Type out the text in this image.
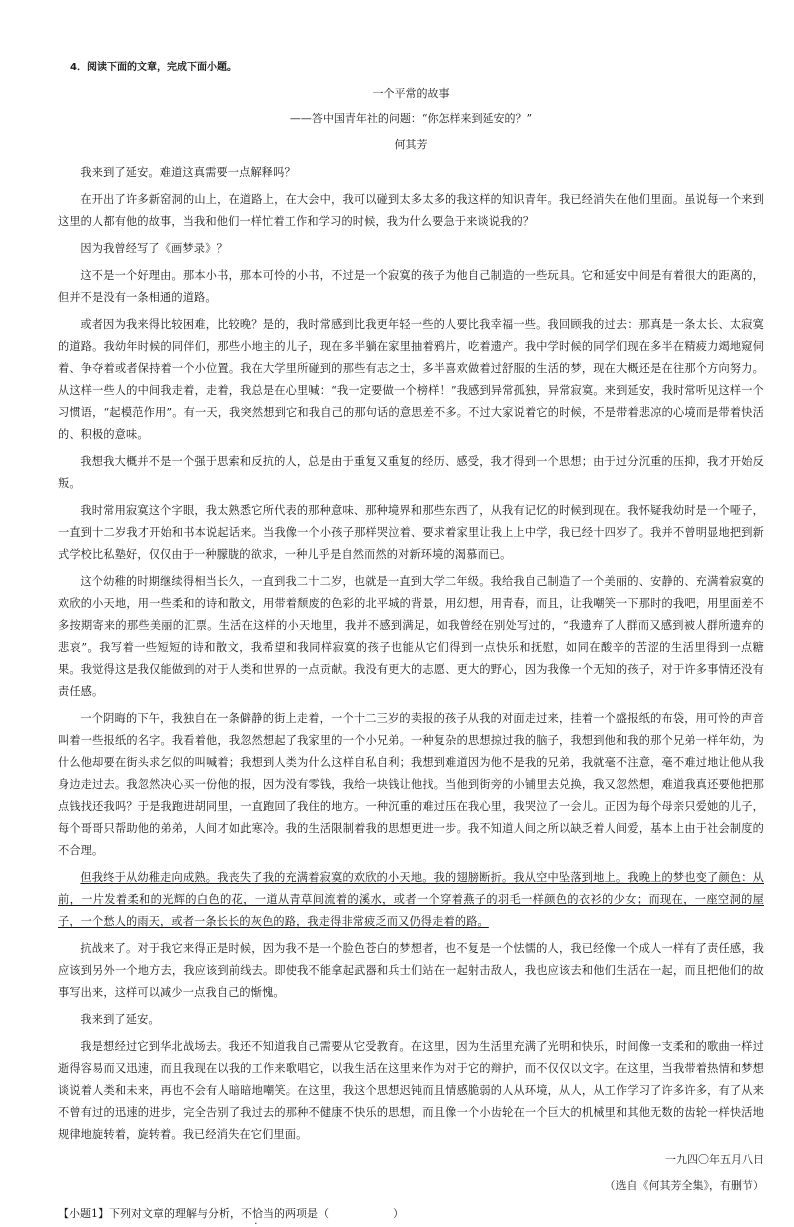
4．阅读下面的文章，完成下面小题。
一个平常的故事
——答中国青年社的问题：“你怎样来到延安的？”
何其芳

我来到了延安。难道这真需要一点解释吗？

在开出了许多新窑洞的山上，在道路上，在大会中，我可以碰到太多太多的我这样的知识青年。我已经消失在他们里面。虽说每一个来到这里的人都有他的故事，当我和他们一样忙着工作和学习的时候，我为什么要急于来谈说我的？

因为我曾经写了《画梦录》？

这不是一个好理由。那本小书，那本可怜的小书，不过是一个寂寞的孩子为他自己制造的一些玩具。它和延安中间是有着很大的距离的，但并不是没有一条相通的道路。

或者因为我来得比较困难，比较晚？是的，我时常感到比我更年轻一些的人要比我幸福一些。我回顾我的过去：那真是一条太长、太寂寞的道路。我幼年时候的同伴们，那些小地主的儿子，现在多半躺在家里抽着鸦片，吃着遗产。我中学时候的同学们现在多半在精疲力竭地窥伺着、争夺着或者保持着一个小位置。我在大学里所碰到的那些有志之士，多半喜欢做着过舒服的生活的梦，现在大概还是在往那个方向努力。从这样一些人的中间我走着，走着，我总是在心里喊：“我一定要做一个榜样！”我感到异常孤独，异常寂寞。来到延安，我时常听见这样一个习惯语，“起模范作用”。有一天，我突然想到它和我自己的那句话的意思差不多。不过大家说着它的时候，不是带着悲凉的心境而是带着快活的、积极的意味。

我想我大概并不是一个强于思索和反抗的人，总是由于重复又重复的经历、感受，我才得到一个思想；由于过分沉重的压抑，我才开始反叛。

我时常用寂寞这个字眼，我太熟悉它所代表的那种意味、那种境界和那些东西了，从我有记忆的时候到现在。我怀疑我幼时是一个哑子，一直到十二岁我才开始和书本说起话来。当我像一个小孩子那样哭泣着、要求着家里让我上上中学，我已经十四岁了。我并不曾明显地把到新式学校比私塾好，仅仅由于一种朦胧的欲求，一种儿乎是自然而然的对新环境的渴慕而已。

这个幼稚的时期继续得相当长久，一直到我二十二岁，也就是一直到大学二年级。我给我自己制造了一个美丽的、安静的、充满着寂寞的欢欣的小天地，用一些柔和的诗和散文，用带着颓废的色彩的北平城的背景，用幻想，用青春，而且，让我嘲笑一下那时的我吧，用里面差不多按期寄来的那些美丽的汇票。生活在这样的小天地里，我并不感到满足，如我曾经在别处写过的，“我遗弃了人群而又感到被人群所遗弃的悲哀”。我写着一些短短的诗和散文，我希望和我同样寂寞的孩子也能从它们得到一点快乐和抚慰，如同在酸辛的苦涩的生活里得到一点糖果。我觉得这是我仅能做到的对于人类和世界的一点贡献。我没有更大的志愿、更大的野心，因为我像一个无知的孩子，对于许多事情还没有责任感。

一个阴晦的下午，我独自在一条僻静的街上走着，一个十二三岁的卖报的孩子从我的对面走过来，挂着一个盛报纸的布袋，用可怜的声音叫着一些报纸的名字。我看着他，我忽然想起了我家里的一个小兄弟。一种复杂的思想掠过我的脑子，我想到他和我的那个兄弟一样年幼，为什么他却要在街头求乞似的叫喊着；我想到人类为什么这样自私自利；我想到难道因为他不是我的兄弟，我就毫不注意，毫不难过地让他从我身边走过去。我忽然决心买一份他的报，因为没有零钱，我给一块钱让他找。当他到街旁的小铺里去兑换，我又忽然想，难道我真还要他把那点钱找还我吗？于是我跑进胡同里，一直跑回了我住的地方。一种沉重的难过压在我心里，我哭泣了一会儿。正因为每个母亲只爱她的儿子，每个哥哥只帮助他的弟弟，人间才如此寒冷。我的生活限制着我的思想更进一步。我不知道人间之所以缺乏着人间爱，基本上由于社会制度的不合理。

但我终于从幼稚走向成熟。我丧失了我的充满着寂寞的欢欣的小天地。我的翅膀断折。我从空中坠落到地上。我晚上的梦也变了颜色：从前，一片发着柔和的光辉的白色的花，一道从青草间流着的溪水，或者一个穿着燕子的羽毛一样颜色的衣衫的少女；而现在，一座空洞的屋子，一个愁人的雨天，或者一条长长的灰色的路，我走得非常疲乏而又仍得走着的路。

抗战来了。对于我它来得正是时候，因为我不是一个脸色苍白的梦想者，也不复是一个怯懦的人，我已经像一个成人一样有了责任感，我应该到另外一个地方去，我应该到前线去。即使我不能拿起武器和兵士们站在一起射击敌人，我也应该去和他们生活在一起，而且把他们的故事写出来，这样可以减少一点我自己的惭愧。

我来到了延安。

我是想经过它到华北战场去。我还不知道我自己需要从它受教育。在这里，因为生活里充满了光明和快乐，时间像一支柔和的歌曲一样过逝得容易而又迅速，而且我现在以我的工作来歌唱它，以我生活在这里来作为对于它的辩护，而不仅仅以文字。在这里，当我带着热情和梦想谈说着人类和未来，再也不会有人暗暗地嘲笑。在这里，我这个思想迟钝而且情感脆弱的人从环境，从人，从工作学习了许多许多，有了从来不曾有过的迅速的进步，完全告别了我过去的那种不健康不快乐的思想，而且像一个小齿轮在一个巨大的机械里和其他无数的齿轮一样快活地规律地旋转着，旋转着。我已经消失在它们里面。

一九四〇年五月八日
（选自《何其芳全集》，有删节）
【小题1】下列对文章的理解与分析，不恰当的两项是（	）
